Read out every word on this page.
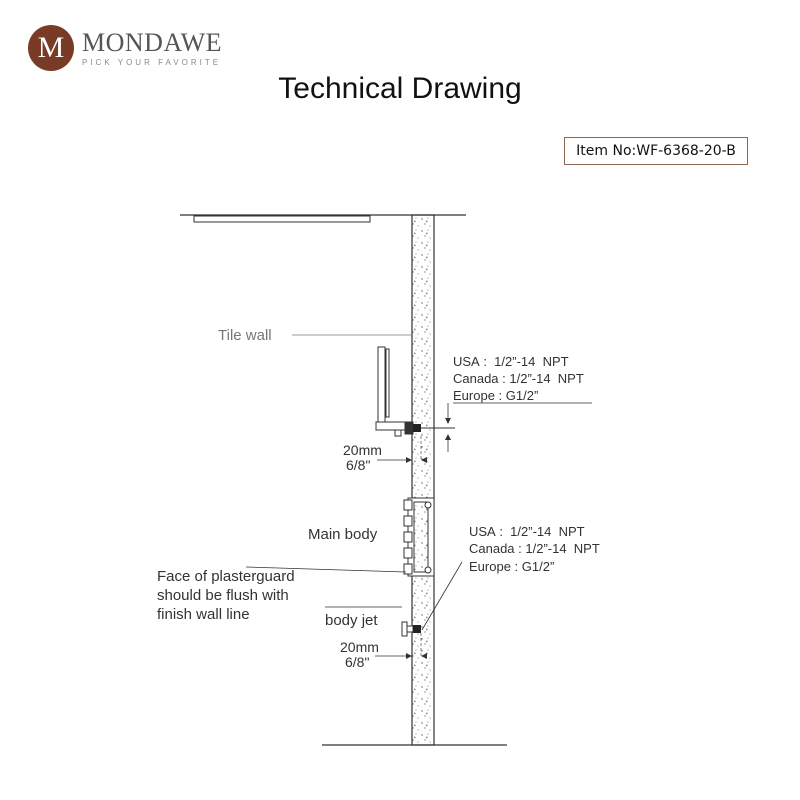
M MONDAWE
PICK YOUR FAVORITE
Technical Drawing
Item No:WF-6368-20-B
Tile wall
USA :  1/2”-14  NPT
Canada : 1/2”-14  NPT
Europe : G1/2”
20mm
6/8"
Main body	USA :  1/2”-14  NPT
Canada : 1/2”-14  NPT
Europe : G1/2”
Face of plasterguard
should be flush with
finish wall line	body jet
20mm
6/8"
